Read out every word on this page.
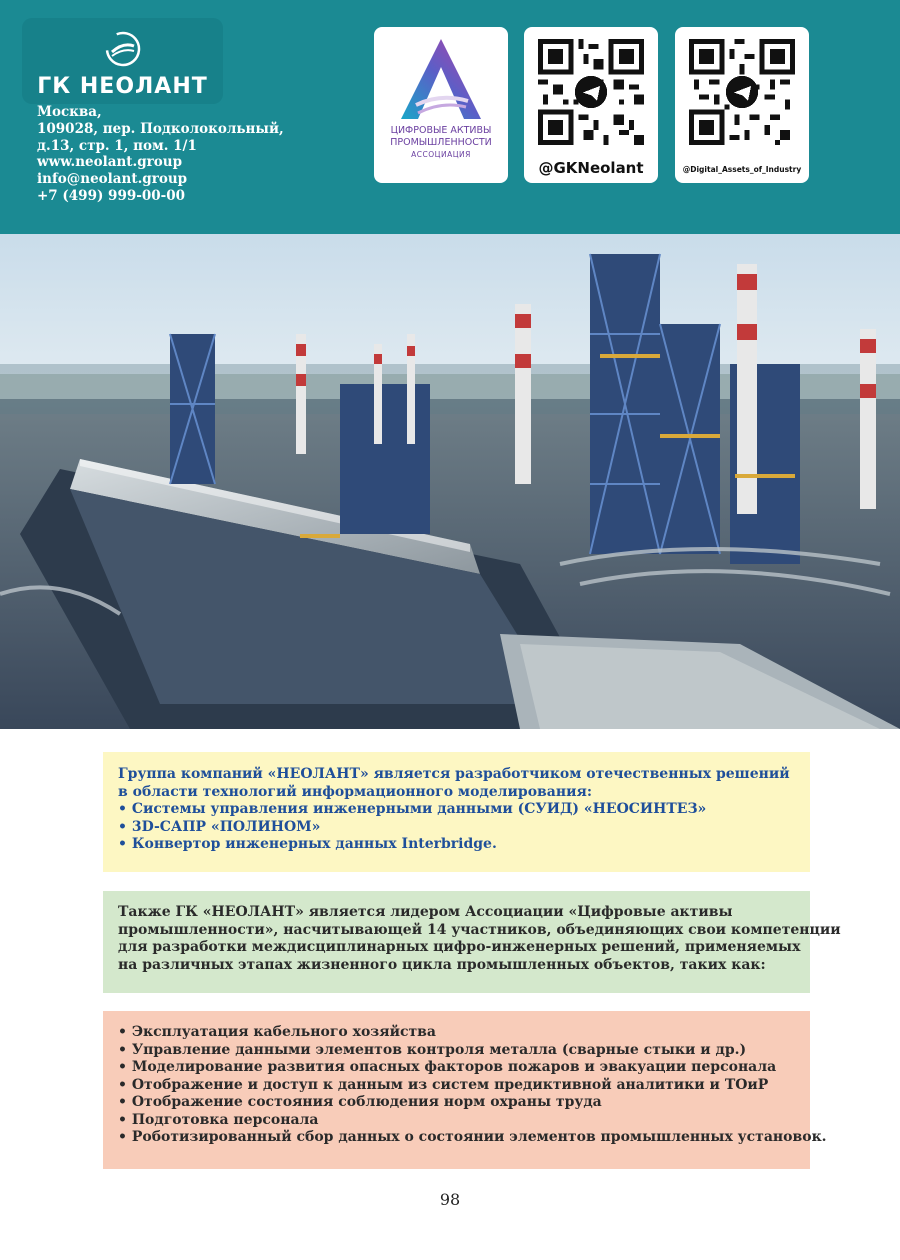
ГК НЕОЛАНТ
Москва,
109028, пер. Подколокольный,
д.13, стр. 1, пом. 1/1
www.neolant.group
info@neolant.group
+7 (499) 999-00-00
ЦИФРОВЫЕ АКТИВЫ
ПРОМЫШЛЕННОСТИ
АССОЦИАЦИЯ
@GKNeolant	@Digital_Assets_of_Industry
Группа компаний «НЕОЛАНТ» является разработчиком отечественных решений
в области технологий информационного моделирования:
• Системы управления инженерными данными (СУИД) «НЕОСИНТЕЗ»
• 3D-САПР «ПОЛИНОМ»
• Конвертор инженерных данных Interbridge.
Также ГК «НЕОЛАНТ» является лидером Ассоциации «Цифровые активы
промышленности», насчитывающей 14 участников, объединяющих свои компетенции
для разработки междисциплинарных цифро-инженерных решений, применяемых
на различных этапах жизненного цикла промышленных объектов, таких как:
• Эксплуатация кабельного хозяйства
• Управление данными элементов контроля металла (сварные стыки и др.)
• Моделирование развития опасных факторов пожаров и эвакуации персонала
• Отображение и доступ к данным из систем предиктивной аналитики и ТОиР
• Отображение состояния соблюдения норм охраны труда
• Подготовка персонала
• Роботизированный сбор данных о состоянии элементов промышленных установок.
98
